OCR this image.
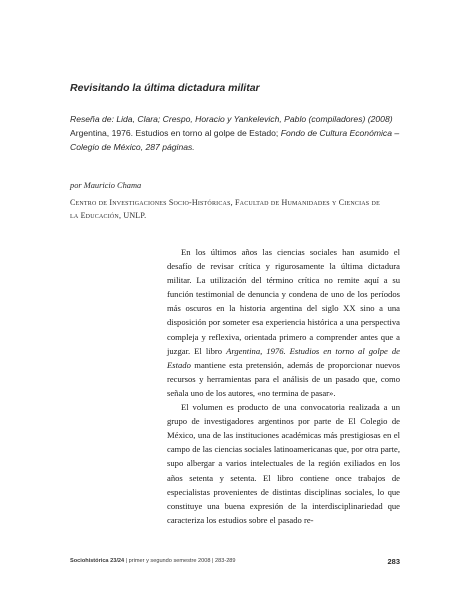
Revisitando la última dictadura militar

Reseña de: Lida, Clara; Crespo, Horacio y Yankelevich, Pablo (compiladores) (2008) Argentina, 1976. Estudios en torno al golpe de Estado; Fondo de Cultura Económica – Colegio de México, 287 páginas.

por Mauricio Chama

Centro de Investigaciones Socio-Históricas, Facultad de Humanidades y Ciencias de la Educación, UNLP.

En los últimos años las ciencias sociales han asumido el desafío de revisar crítica y rigurosamente la última dictadura militar. La utilización del término crítica no remite aquí a su función testimonial de denuncia y condena de uno de los períodos más oscuros en la historia argentina del siglo XX sino a una disposición por someter esa experiencia histórica a una perspectiva compleja y reflexiva, orientada primero a comprender antes que a juzgar. El libro Argentina, 1976. Estudios en torno al golpe de Estado mantiene esta pretensión, además de proporcionar nuevos recursos y herramientas para el análisis de un pasado que, como señala uno de los autores, «no termina de pasar».

El volumen es producto de una convocatoria realizada a un grupo de investigadores argentinos por parte de El Colegio de México, una de las instituciones académicas más prestigiosas en el campo de las ciencias sociales latinoamericanas que, por otra parte, supo albergar a varios intelectuales de la región exiliados en los años setenta y setenta. El libro contiene once trabajos de especialistas provenientes de distintas disciplinas sociales, lo que constituye una buena expresión de la interdisciplinariedad que caracteriza los estudios sobre el pasado re-

Sociohistórica 23/24 | primer y segundo semestre 2008 | 283-289	283
